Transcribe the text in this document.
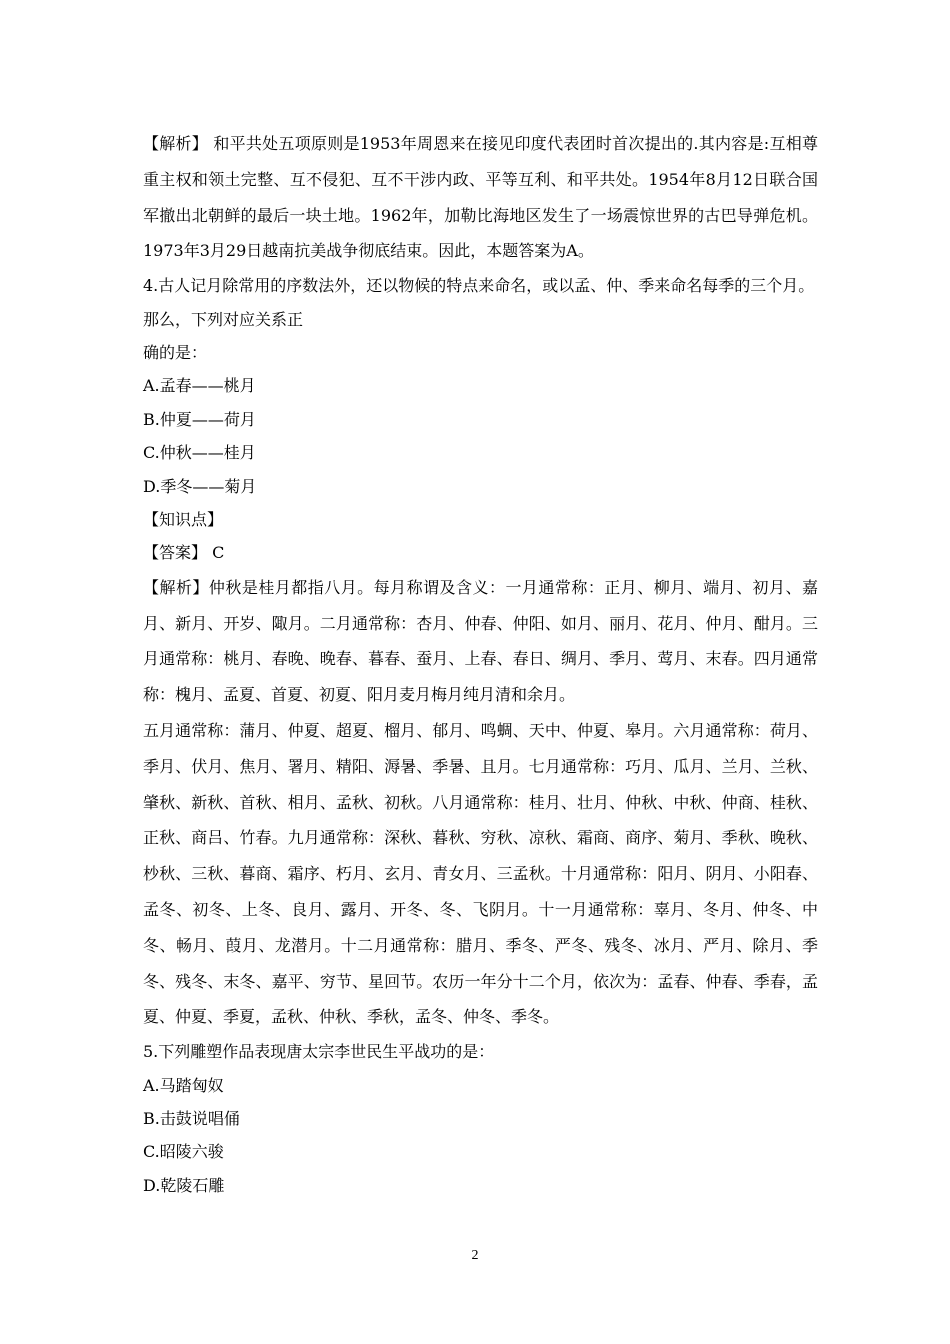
【解析】 和平共处五项原则是1953年周恩来在接见印度代表团时首次提出的.其内容是:互相尊重主权和领土完整、互不侵犯、互不干涉内政、平等互利、和平共处。1954年8月12日联合国军撤出北朝鲜的最后一块土地。1962年，加勒比海地区发生了一场震惊世界的古巴导弹危机。1973年3月29日越南抗美战争彻底结束。因此，本题答案为A。

4.古人记月除常用的序数法外，还以物候的特点来命名，或以孟、仲、季来命名每季的三个月。

那么，下列对应关系正

确的是：

A.孟春——桃月

B.仲夏——荷月

C.仲秋——桂月

D.季冬——菊月

【知识点】

【答案】 C

【解析】仲秋是桂月都指八月。每月称谓及含义：一月通常称：正月、柳月、端月、初月、嘉月、新月、开岁、陬月。二月通常称：杏月、仲春、仲阳、如月、丽月、花月、仲月、酣月。三月通常称：桃月、春晚、晚春、暮春、蚕月、上春、春日、绸月、季月、莺月、末春。四月通常称：槐月、孟夏、首夏、初夏、阳月麦月梅月纯月清和余月。

五月通常称：蒲月、仲夏、超夏、榴月、郁月、鸣蜩、天中、仲夏、皋月。六月通常称：荷月、季月、伏月、焦月、署月、精阳、溽暑、季暑、且月。七月通常称：巧月、瓜月、兰月、兰秋、肇秋、新秋、首秋、相月、孟秋、初秋。八月通常称：桂月、壮月、仲秋、中秋、仲商、桂秋、正秋、商吕、竹春。九月通常称：深秋、暮秋、穷秋、凉秋、霜商、商序、菊月、季秋、晚秋、杪秋、三秋、暮商、霜序、朽月、玄月、青女月、三孟秋。十月通常称：阳月、阴月、小阳春、孟冬、初冬、上冬、良月、露月、开冬、冬、飞阴月。十一月通常称：辜月、冬月、仲冬、中冬、畅月、葭月、龙潜月。十二月通常称：腊月、季冬、严冬、残冬、冰月、严月、除月、季冬、残冬、末冬、嘉平、穷节、星回节。农历一年分十二个月，依次为：孟春、仲春、季春，孟夏、仲夏、季夏，孟秋、仲秋、季秋，孟冬、仲冬、季冬。

5.下列雕塑作品表现唐太宗李世民生平战功的是：

A.马踏匈奴

B.击鼓说唱俑

C.昭陵六骏

D.乾陵石雕

2
